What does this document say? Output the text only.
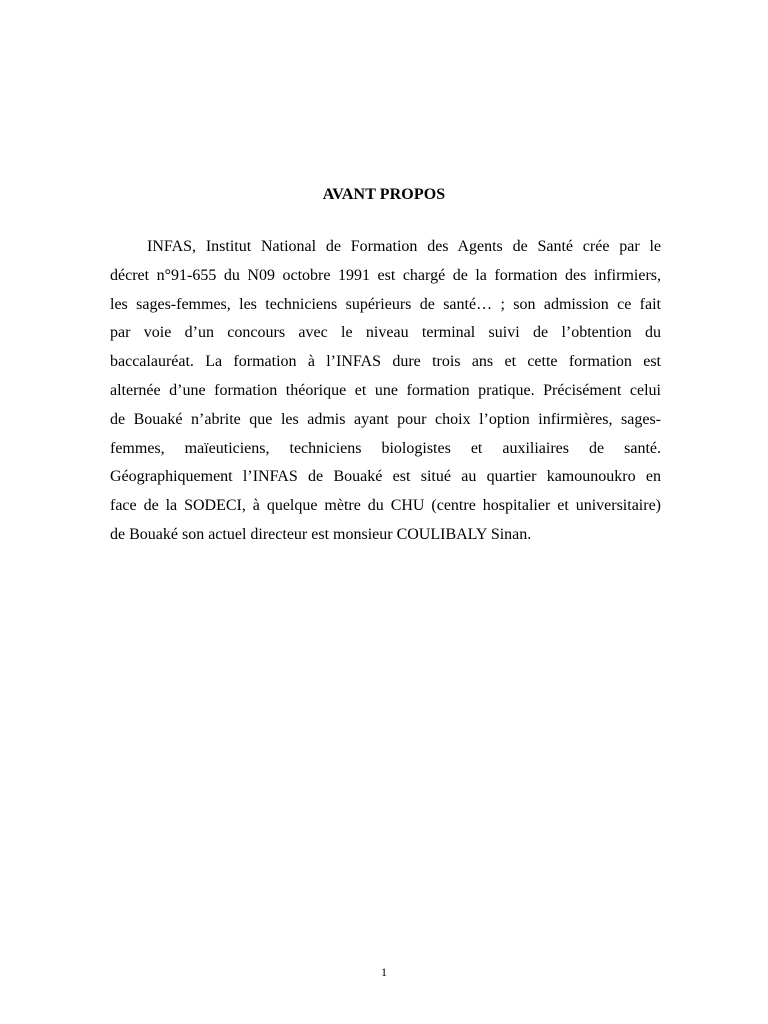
AVANT PROPOS
INFAS, Institut National de Formation des Agents de Santé crée par le
décret n°91-655 du N09 octobre 1991 est chargé de la formation des infirmiers,
les sages-femmes, les techniciens supérieurs de santé… ; son admission ce fait
par voie d’un concours avec le niveau terminal suivi de l’obtention du
baccalauréat. La formation à l’INFAS dure trois ans et cette formation est
alternée d’une formation théorique et une formation pratique. Précisément celui
de Bouaké n’abrite que les admis ayant pour choix l’option infirmières, sages-
femmes, maïeuticiens, techniciens biologistes et auxiliaires de santé.
Géographiquement l’INFAS de Bouaké est situé au quartier kamounoukro en
face de la SODECI, à quelque mètre du CHU (centre hospitalier et universitaire)
de Bouaké son actuel directeur est monsieur COULIBALY Sinan.
1
